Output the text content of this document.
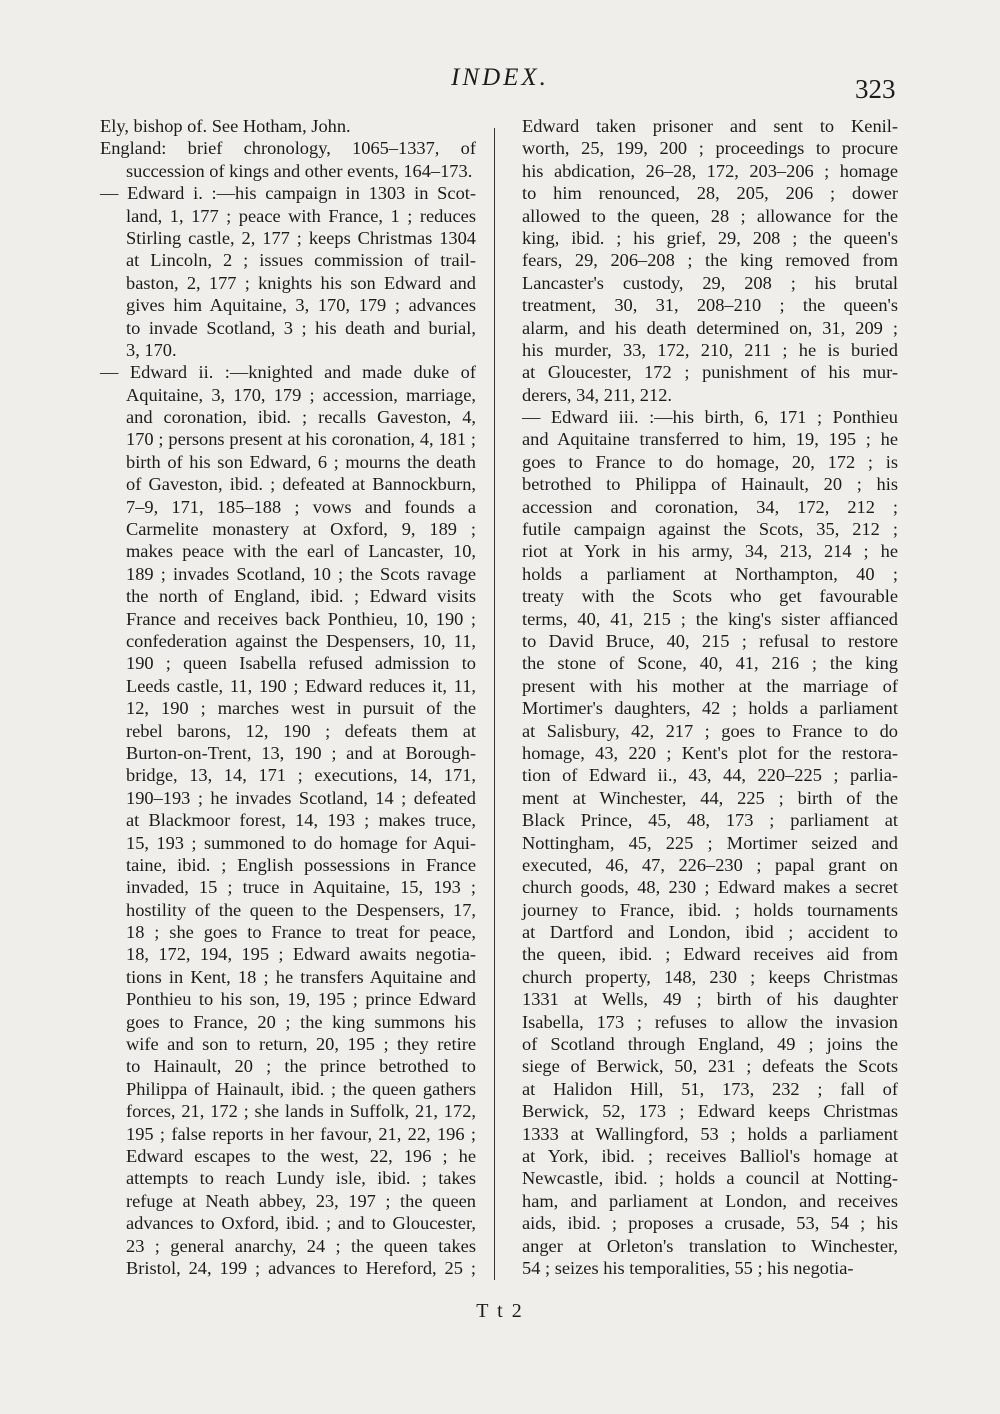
INDEX.	323
Ely, bishop of. See Hotham, John.
England: brief chronology, 1065–1337, of
succession of kings and other events, 164–173.
— Edward i. :—his campaign in 1303 in Scot-
land, 1, 177 ; peace with France, 1 ; reduces
Stirling castle, 2, 177 ; keeps Christmas 1304
at Lincoln, 2 ; issues commission of trail-
baston, 2, 177 ; knights his son Edward and
gives him Aquitaine, 3, 170, 179 ; advances
to invade Scotland, 3 ; his death and burial,
3, 170.
— Edward ii. :—knighted and made duke of
Aquitaine, 3, 170, 179 ; accession, marriage,
and coronation, ibid. ; recalls Gaveston, 4,
170 ; persons present at his coronation, 4, 181 ;
birth of his son Edward, 6 ; mourns the death
of Gaveston, ibid. ; defeated at Bannockburn,
7–9, 171, 185–188 ; vows and founds a
Carmelite monastery at Oxford, 9, 189 ;
makes peace with the earl of Lancaster, 10,
189 ; invades Scotland, 10 ; the Scots ravage
the north of England, ibid. ; Edward visits
France and receives back Ponthieu, 10, 190 ;
confederation against the Despensers, 10, 11,
190 ; queen Isabella refused admission to
Leeds castle, 11, 190 ; Edward reduces it, 11,
12, 190 ; marches west in pursuit of the
rebel barons, 12, 190 ; defeats them at
Burton-on-Trent, 13, 190 ; and at Borough-
bridge, 13, 14, 171 ; executions, 14, 171,
190–193 ; he invades Scotland, 14 ; defeated
at Blackmoor forest, 14, 193 ; makes truce,
15, 193 ; summoned to do homage for Aqui-
taine, ibid. ; English possessions in France
invaded, 15 ; truce in Aquitaine, 15, 193 ;
hostility of the queen to the Despensers, 17,
18 ; she goes to France to treat for peace,
18, 172, 194, 195 ; Edward awaits negotia-
tions in Kent, 18 ; he transfers Aquitaine and
Ponthieu to his son, 19, 195 ; prince Edward
goes to France, 20 ; the king summons his
wife and son to return, 20, 195 ; they retire
to Hainault, 20 ; the prince betrothed to
Philippa of Hainault, ibid. ; the queen gathers
forces, 21, 172 ; she lands in Suffolk, 21, 172,
195 ; false reports in her favour, 21, 22, 196 ;
Edward escapes to the west, 22, 196 ; he
attempts to reach Lundy isle, ibid. ; takes
refuge at Neath abbey, 23, 197 ; the queen
advances to Oxford, ibid. ; and to Gloucester,
23 ; general anarchy, 24 ; the queen takes
Bristol, 24, 199 ; advances to Hereford, 25 ;
Edward taken prisoner and sent to Kenil-
worth, 25, 199, 200 ; proceedings to procure
his abdication, 26–28, 172, 203–206 ; homage
to him renounced, 28, 205, 206 ; dower
allowed to the queen, 28 ; allowance for the
king, ibid. ; his grief, 29, 208 ; the queen's
fears, 29, 206–208 ; the king removed from
Lancaster's custody, 29, 208 ; his brutal
treatment, 30, 31, 208–210 ; the queen's
alarm, and his death determined on, 31, 209 ;
his murder, 33, 172, 210, 211 ; he is buried
at Gloucester, 172 ; punishment of his mur-
derers, 34, 211, 212.
— Edward iii. :—his birth, 6, 171 ; Ponthieu
and Aquitaine transferred to him, 19, 195 ; he
goes to France to do homage, 20, 172 ; is
betrothed to Philippa of Hainault, 20 ; his
accession and coronation, 34, 172, 212 ;
futile campaign against the Scots, 35, 212 ;
riot at York in his army, 34, 213, 214 ; he
holds a parliament at Northampton, 40 ;
treaty with the Scots who get favourable
terms, 40, 41, 215 ; the king's sister affianced
to David Bruce, 40, 215 ; refusal to restore
the stone of Scone, 40, 41, 216 ; the king
present with his mother at the marriage of
Mortimer's daughters, 42 ; holds a parliament
at Salisbury, 42, 217 ; goes to France to do
homage, 43, 220 ; Kent's plot for the restora-
tion of Edward ii., 43, 44, 220–225 ; parlia-
ment at Winchester, 44, 225 ; birth of the
Black Prince, 45, 48, 173 ; parliament at
Nottingham, 45, 225 ; Mortimer seized and
executed, 46, 47, 226–230 ; papal grant on
church goods, 48, 230 ; Edward makes a secret
journey to France, ibid. ; holds tournaments
at Dartford and London, ibid ; accident to
the queen, ibid. ; Edward receives aid from
church property, 148, 230 ; keeps Christmas
1331 at Wells, 49 ; birth of his daughter
Isabella, 173 ; refuses to allow the invasion
of Scotland through England, 49 ; joins the
siege of Berwick, 50, 231 ; defeats the Scots
at Halidon Hill, 51, 173, 232 ; fall of
Berwick, 52, 173 ; Edward keeps Christmas
1333 at Wallingford, 53 ; holds a parliament
at York, ibid. ; receives Balliol's homage at
Newcastle, ibid. ; holds a council at Notting-
ham, and parliament at London, and receives
aids, ibid. ; proposes a crusade, 53, 54 ; his
anger at Orleton's translation to Winchester,
54 ; seizes his temporalities, 55 ; his negotia-
T t 2
